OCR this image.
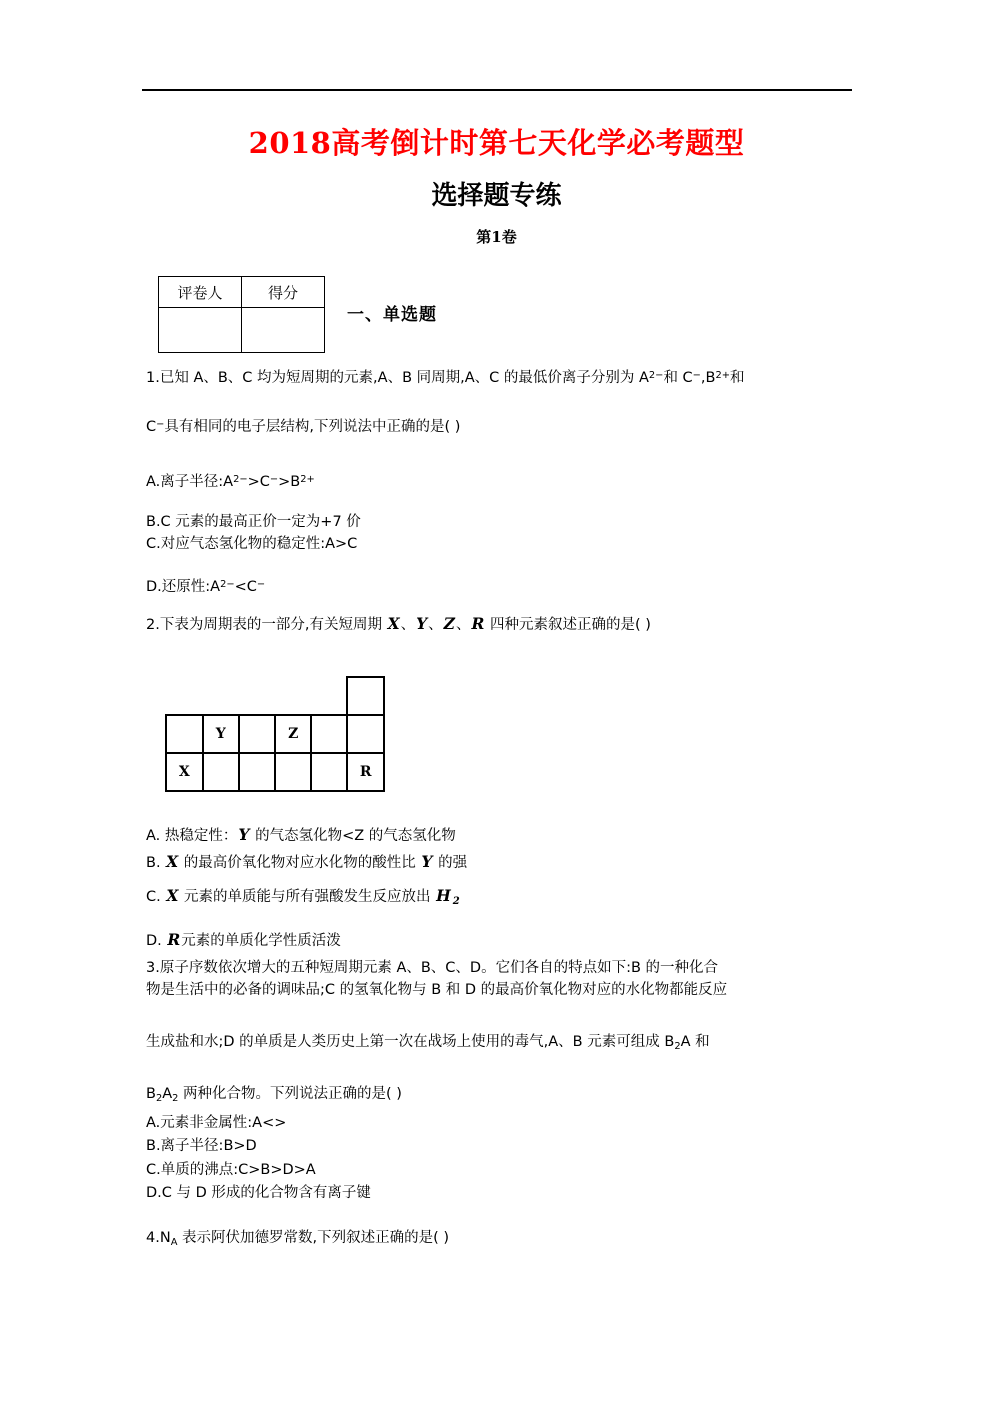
2018高考倒计时第七天化学必考题型
选择题专练
第1卷
评卷人	得分

一、单选题
1.已知 A、B、C 均为短周期的元素,A、B 同周期,A、C 的最低价离子分别为 $A^{2-}$和 $C^-,B^{2+}$和
C−具有相同的电子层结构,下列说法中正确的是( )
A.离子半径$:A^{2-}>C^->B^{2+}$
B.C 元素的最高正价一定为+7 价
C.对应气态氢化物的稳定性:A>C
D.还原性$:A^{2-}<C^-$
2.下表为周期表的一部分,有关短周期 X、Y、Z、R 四种元素叙述正确的是( )

	Y		Z		
X					R
A. 热稳定性：Y 的气态氢化物<Z 的气态氢化物
B. X 的最高价氧化物对应水化物的酸性比 Y 的强
C. X 元素的单质能与所有强酸发生反应放出 H $_2$
D. R元素的单质化学性质活泼
3.原子序数依次增大的五种短周期元素 A、B、C、D。它们各自的特点如下:B 的一种化合
物是生活中的必备的调味品;C 的氢氧化物与 B 和 D 的最高价氧化物对应的水化物都能反应
生成盐和水;D 的单质是人类历史上第一次在战场上使用的毒气,A、B 元素可组成 $B_2A$ 和
$B_2A_2$ 两种化合物。下列说法正确的是( )
A.元素非金属性:A<>
B.离子半径:B>D
C.单质的沸点:C>B>D>A
D.C 与 D 形成的化合物含有离子键
$4.N_A$ 表示阿伏加德罗常数,下列叙述正确的是( )
